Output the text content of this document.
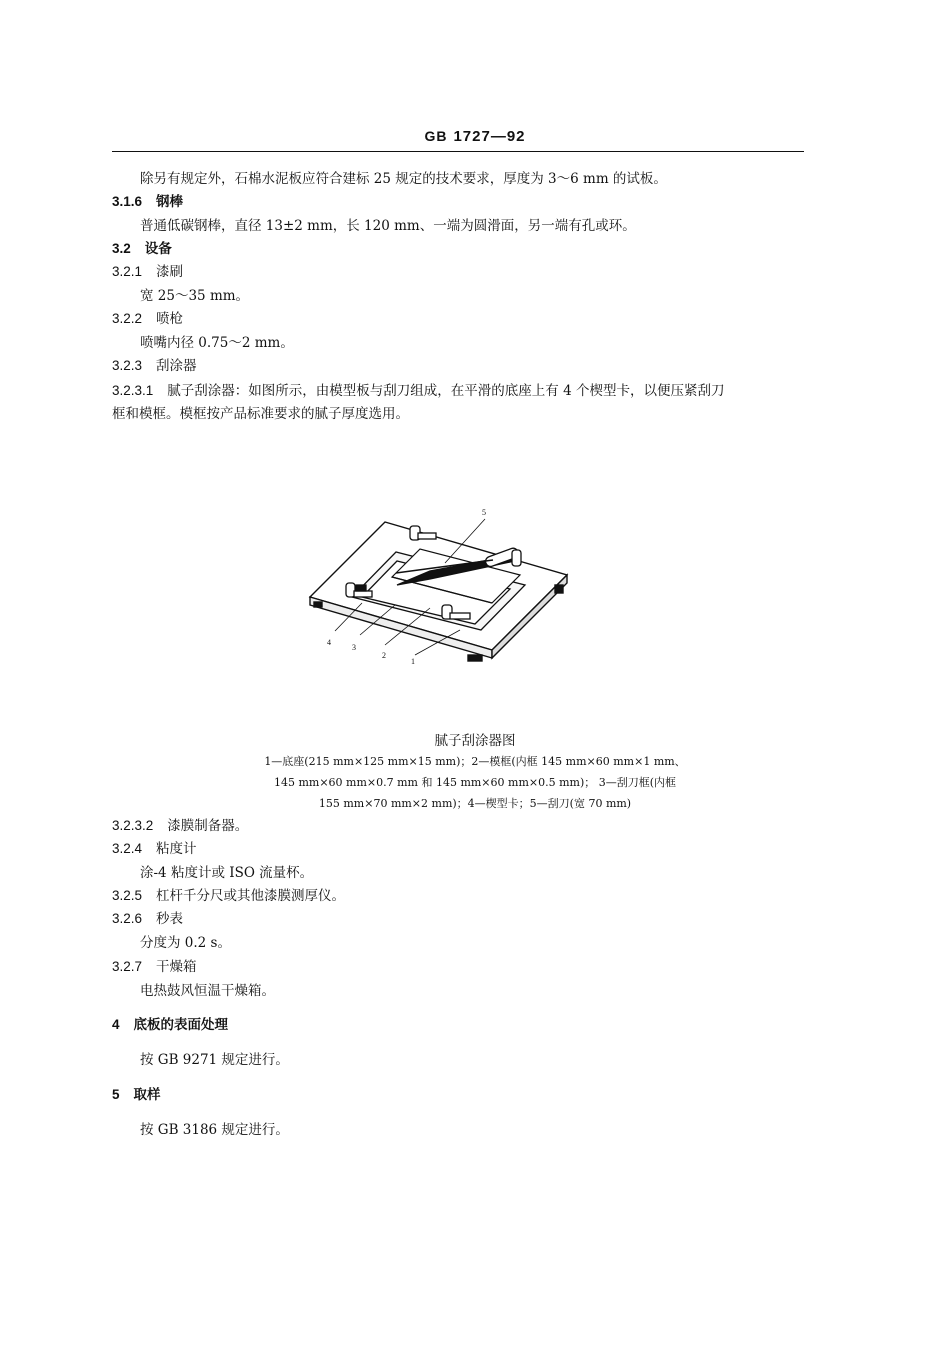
GB 1727—92
除另有规定外，石棉水泥板应符合建标 25 规定的技术要求，厚度为 3～6 mm 的试板。
3.1.6 钢棒
普通低碳钢棒，直径 13±2 mm，长 120 mm、一端为圆滑面，另一端有孔或环。
3.2 设备
3.2.1 漆刷
宽 25～35 mm。
3.2.2 喷枪
喷嘴内径 0.75～2 mm。
3.2.3 刮涂器
3.2.3.1 腻子刮涂器：如图所示，由模型板与刮刀组成，在平滑的底座上有 4 个楔型卡，以便压紧刮刀
框和模框。模框按产品标准要求的腻子厚度选用。
5
4
3
2
1
腻子刮涂器图
1—底座(215 mm×125 mm×15 mm)；2—模框(内框 145 mm×60 mm×1 mm、
145 mm×60 mm×0.7 mm 和 145 mm×60 mm×0.5 mm)； 3—刮刀框(内框
155 mm×70 mm×2 mm)；4—楔型卡；5—刮刀(宽 70 mm)
3.2.3.2 漆膜制备器。
3.2.4 粘度计
涂-4 粘度计或 ISO 流量杯。
3.2.5 杠杆千分尺或其他漆膜测厚仪。
3.2.6 秒表
分度为 0.2 s。
3.2.7 干燥箱
电热鼓风恒温干燥箱。
4 底板的表面处理
按 GB 9271 规定进行。
5 取样
按 GB 3186 规定进行。
